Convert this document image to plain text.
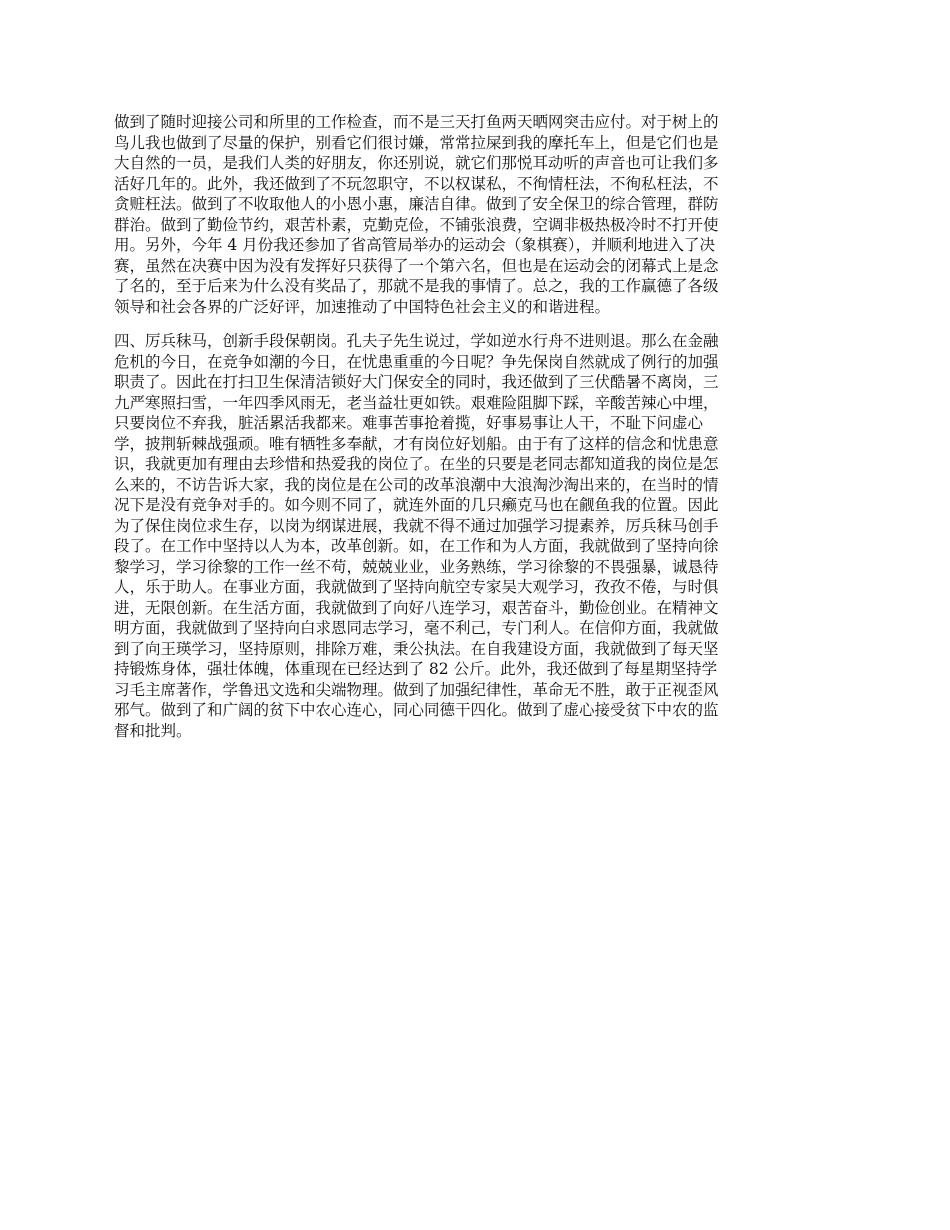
做到了随时迎接公司和所里的工作检查，而不是三天打鱼两天晒网突击应付。对于树上的
鸟儿我也做到了尽量的保护，别看它们很讨嫌，常常拉屎到我的摩托车上，但是它们也是
大自然的一员，是我们人类的好朋友，你还别说，就它们那悦耳动听的声音也可让我们多
活好几年的。此外，我还做到了不玩忽职守，不以权谋私，不徇情枉法，不徇私枉法，不
贪赃枉法。做到了不收取他人的小恩小惠，廉洁自律。做到了安全保卫的综合管理，群防
群治。做到了勤俭节约，艰苦朴素，克勤克俭，不铺张浪费，空调非极热极冷时不打开使
用。另外，今年 4 月份我还参加了省高管局举办的运动会（象棋赛），并顺利地进入了决
赛，虽然在决赛中因为没有发挥好只获得了一个第六名，但也是在运动会的闭幕式上是念
了名的，至于后来为什么没有奖品了，那就不是我的事情了。总之，我的工作赢德了各级
领导和社会各界的广泛好评，加速推动了中国特色社会主义的和谐进程。

四、厉兵秣马，创新手段保朝岗。孔夫子先生说过，学如逆水行舟不进则退。那么在金融
危机的今日，在竞争如潮的今日，在忧患重重的今日呢？争先保岗自然就成了例行的加强
职责了。因此在打扫卫生保清洁锁好大门保安全的同时，我还做到了三伏酷暑不离岗，三
九严寒照扫雪，一年四季风雨无，老当益壮更如铁。艰难险阻脚下踩，辛酸苦辣心中埋，
只要岗位不弃我，脏活累活我都来。难事苦事抢着揽，好事易事让人干，不耻下问虚心
学，披荆斩棘战强顽。唯有牺牲多奉献，才有岗位好划船。由于有了这样的信念和忧患意
识，我就更加有理由去珍惜和热爱我的岗位了。在坐的只要是老同志都知道我的岗位是怎
么来的，不访告诉大家，我的岗位是在公司的改革浪潮中大浪淘沙淘出来的，在当时的情
况下是没有竞争对手的。如今则不同了，就连外面的几只癞克马也在觎鱼我的位置。因此
为了保住岗位求生存，以岗为纲谋进展，我就不得不通过加强学习提素养，厉兵秣马创手
段了。在工作中坚持以人为本，改革创新。如，在工作和为人方面，我就做到了坚持向徐
黎学习，学习徐黎的工作一丝不苟，兢兢业业，业务熟练，学习徐黎的不畏强暴，诚恳待
人，乐于助人。在事业方面，我就做到了坚持向航空专家吴大观学习，孜孜不倦，与时俱
进，无限创新。在生活方面，我就做到了向好八连学习，艰苦奋斗，勤俭创业。在精神文
明方面，我就做到了坚持向白求恩同志学习，毫不利己，专门利人。在信仰方面，我就做
到了向王瑛学习，坚持原则，排除万难，秉公执法。在自我建设方面，我就做到了每天坚
持锻炼身体，强壮体魄，体重现在已经达到了 82 公斤。此外，我还做到了每星期坚持学
习毛主席著作，学鲁迅文选和尖端物理。做到了加强纪律性，革命无不胜，敢于正视歪风
邪气。做到了和广阔的贫下中农心连心，同心同德干四化。做到了虚心接受贫下中农的监
督和批判。
